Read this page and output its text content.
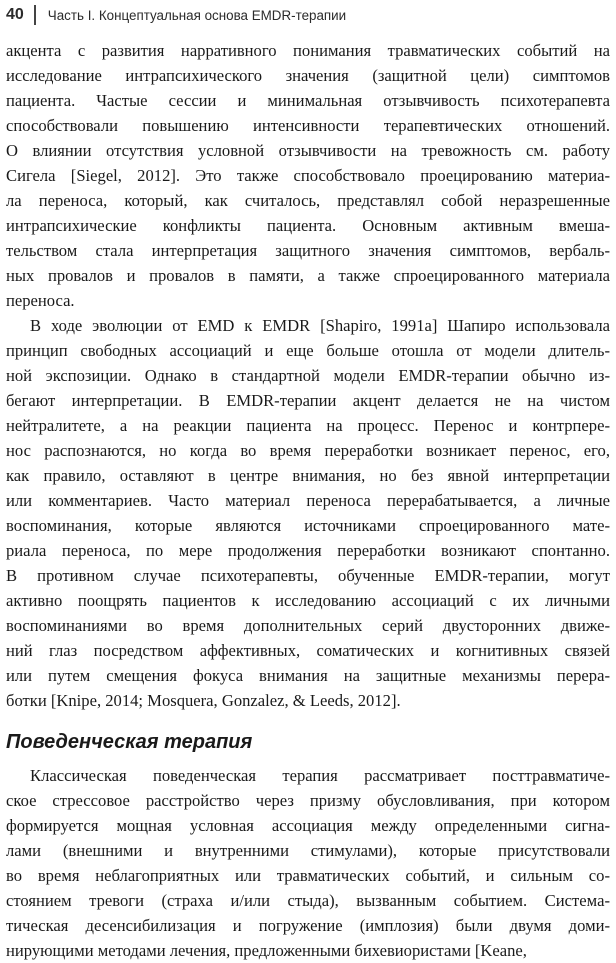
40 Часть I. Концептуальная основа EMDR-терапии

акцента с развития нарративного понимания травматических событий на
исследование интрапсихического значения (защитной цели) симптомов
пациента. Частые сессии и минимальная отзывчивость психотерапевта
способствовали повышению интенсивности терапевтических отношений.
О влиянии отсутствия условной отзывчивости на тревожность см. работу
Сигела [Siegel, 2012]. Это также способствовало проецированию материа-
ла переноса, который, как считалось, представлял собой неразрешенные
интрапсихические конфликты пациента. Основным активным вмеша-
тельством стала интерпретация защитного значения симптомов, вербаль-
ных провалов и провалов в памяти, а также спроецированного материала
переноса.

В ходе эволюции от EMD к EMDR [Shapiro, 1991a] Шапиро использовала
принцип свободных ассоциаций и еще больше отошла от модели длитель-
ной экспозиции. Однако в стандартной модели EMDR-терапии обычно из-
бегают интерпретации. В EMDR-терапии акцент делается не на чистом
нейтралитете, а на реакции пациента на процесс. Перенос и контрпере-
нос распознаются, но когда во время переработки возникает перенос, его,
как правило, оставляют в центре внимания, но без явной интерпретации
или комментариев. Часто материал переноса перерабатывается, а личные
воспоминания, которые являются источниками спроецированного мате-
риала переноса, по мере продолжения переработки возникают спонтанно.
В противном случае психотерапевты, обученные EMDR-терапии, могут
активно поощрять пациентов к исследованию ассоциаций с их личными
воспоминаниями во время дополнительных серий двусторонних движе-
ний глаз посредством аффективных, соматических и когнитивных связей
или путем смещения фокуса внимания на защитные механизмы перера-
ботки [Knipe, 2014; Mosquera, Gonzalez, & Leeds, 2012].

Поведенческая терапия

Классическая поведенческая терапия рассматривает посттравматиче-
ское стрессовое расстройство через призму обусловливания, при котором
формируется мощная условная ассоциация между определенными сигна-
лами (внешними и внутренними стимулами), которые присутствовали
во время неблагоприятных или травматических событий, и сильным со-
стоянием тревоги (страха и/или стыда), вызванным событием. Системa-
тическая десенсибилизация и погружение (имплозия) были двумя доми-
нирующими методами лечения, предложенными бихевиористами [Keane,
